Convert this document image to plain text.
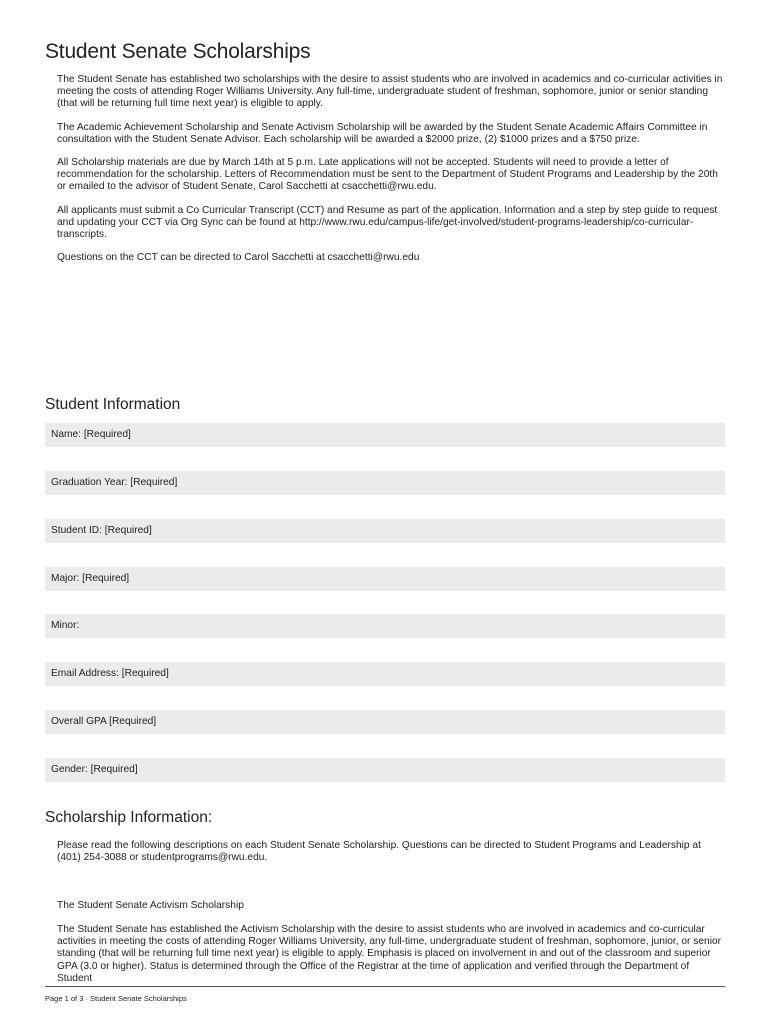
Student Senate Scholarships

The Student Senate has established two scholarships with the desire to assist students who are involved in academics and co-curricular activities in meeting the costs of attending Roger Williams University. Any full-time, undergraduate student of freshman, sophomore, junior or senior standing (that will be returning full time next year) is eligible to apply.

The Academic Achievement Scholarship and Senate Activism Scholarship will be awarded by the Student Senate Academic Affairs Committee in consultation with the Student Senate Advisor. Each scholarship will be awarded a $2000 prize, (2) $1000 prizes and a $750 prize.

All Scholarship materials are due by March 14th at 5 p.m. Late applications will not be accepted. Students will need to provide a letter of recommendation for the scholarship. Letters of Recommendation must be sent to the Department of Student Programs and Leadership by the 20th or emailed to the advisor of Student Senate, Carol Sacchetti at csacchetti@rwu.edu.

All applicants must submit a Co Curricular Transcript (CCT) and Resume as part of the application. Information and a step by step guide to request and updating your CCT via Org Sync can be found at http://www.rwu.edu/campus-life/get-involved/student-programs-leadership/co-curricular-transcripts.

Questions on the CCT can be directed to Carol Sacchetti at csacchetti@rwu.edu

Student Information
Name: [Required]
Graduation Year: [Required]
Student ID: [Required]
Major: [Required]
Minor:
Email Address: [Required]
Overall GPA [Required]
Gender: [Required]
Scholarship Information:

Please read the following descriptions on each Student Senate Scholarship. Questions can be directed to Student Programs and Leadership at (401) 254-3088 or studentprograms@rwu.edu.

The Student Senate Activism Scholarship

The Student Senate has established the Activism Scholarship with the desire to assist students who are involved in academics and co-curricular activities in meeting the costs of attending Roger Williams University, any full-time, undergraduate student of freshman, sophomore, junior, or senior standing (that will be returning full time next year) is eligible to apply. Emphasis is placed on involvement in and out of the classroom and superior GPA (3.0 or higher). Status is determined through the Office of the Registrar at the time of application and verified through the Department of Student

Page 1 of 3 · Student Senate Scholarships
